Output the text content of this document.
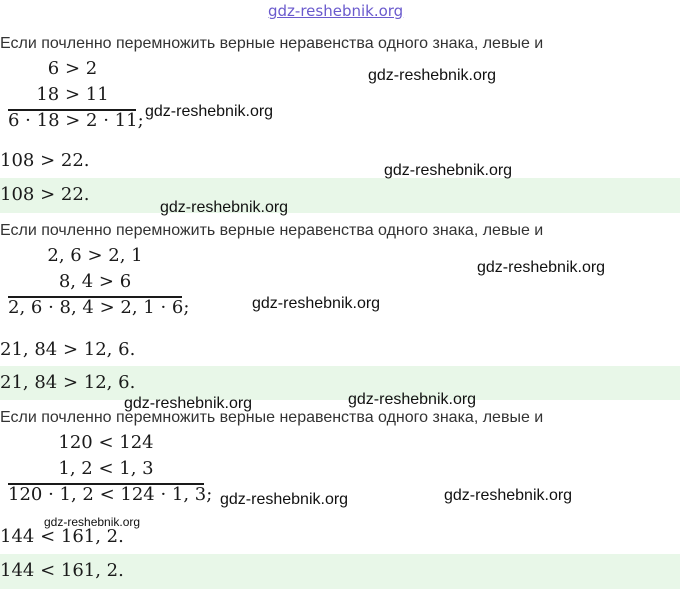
gdz-reshebnik.org
Если почленно перемножить верные неравенства одного знака, левые и
6 > 2
18 > 11
6 · 18 > 2 · 11;
108 > 22.
108 > 22.
Если почленно перемножить верные неравенства одного знака, левые и
2, 6 > 2, 1
8, 4 > 6
2, 6 · 8, 4 > 2, 1 · 6;
21, 84 > 12, 6.
21, 84 > 12, 6.
Если почленно перемножить верные неравенства одного знака, левые и
120 < 124
1, 2 < 1, 3
120 · 1, 2 < 124 · 1, 3;
144 < 161, 2.
144 < 161, 2.
gdz-reshebnik.org
gdz-reshebnik.org
gdz-reshebnik.org
gdz-reshebnik.org
gdz-reshebnik.org
gdz-reshebnik.org
gdz-reshebnik.org	gdz-reshebnik.org
gdz-reshebnik.org	gdz-reshebnik.org
gdz-reshebnik.org
